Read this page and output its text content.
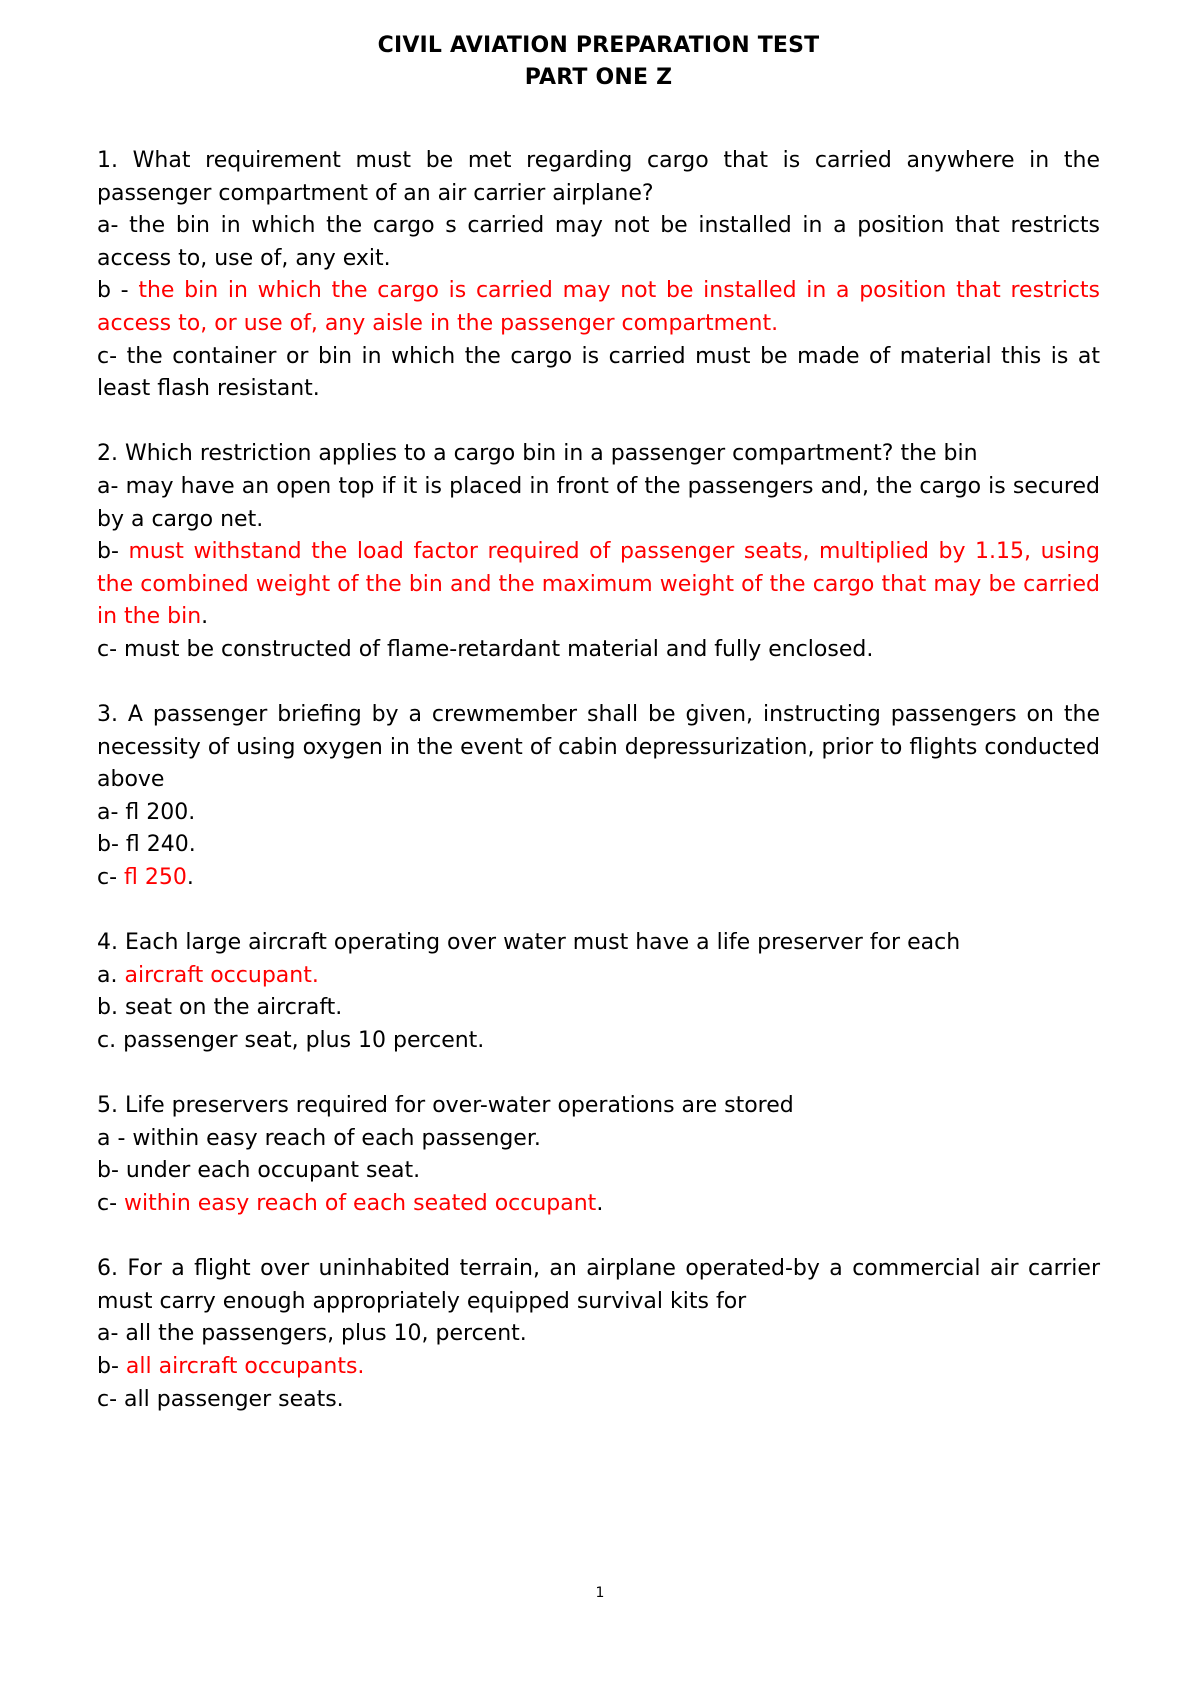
CIVIL AVIATION PREPARATION TEST

PART ONE Z

1. What requirement must be met regarding cargo that is carried anywhere in the passenger compartment of an air carrier airplane?
a- the bin in which the cargo s carried may not be installed in a position that restricts access to, use of, any exit.
b - the bin in which the cargo is carried may not be installed in a position that restricts access to, or use of, any aisle in the passenger compartment.
c- the container or bin in which the cargo is carried must be made of material this is at least flash resistant.
2. Which restriction applies to a cargo bin in a passenger compartment? the bin
a- may have an open top if it is placed in front of the passengers and, the cargo is secured by a cargo net.
b- must withstand the load factor required of passenger seats, multiplied by 1.15, using the combined weight of the bin and the maximum weight of the cargo that may be carried in the bin.
c- must be constructed of flame-retardant material and fully enclosed.
3. A passenger briefing by a crewmember shall be given, instructing passengers on the necessity of using oxygen in the event of cabin depressurization, prior to flights conducted above
a- fl 200.
b- fl 240.
c- fl 250.
4. Each large aircraft operating over water must have a life preserver for each
a. aircraft occupant.
b. seat on the aircraft.
c. passenger seat, plus 10 percent.
5. Life preservers required for over-water operations are stored
a - within easy reach of each passenger.
b- under each occupant seat.
c- within easy reach of each seated occupant.
6. For a flight over uninhabited terrain, an airplane operated-by a commercial air carrier must carry enough appropriately equipped survival kits for
a- all the passengers, plus 10, percent.
b- all aircraft occupants.
c- all passenger seats.
1
